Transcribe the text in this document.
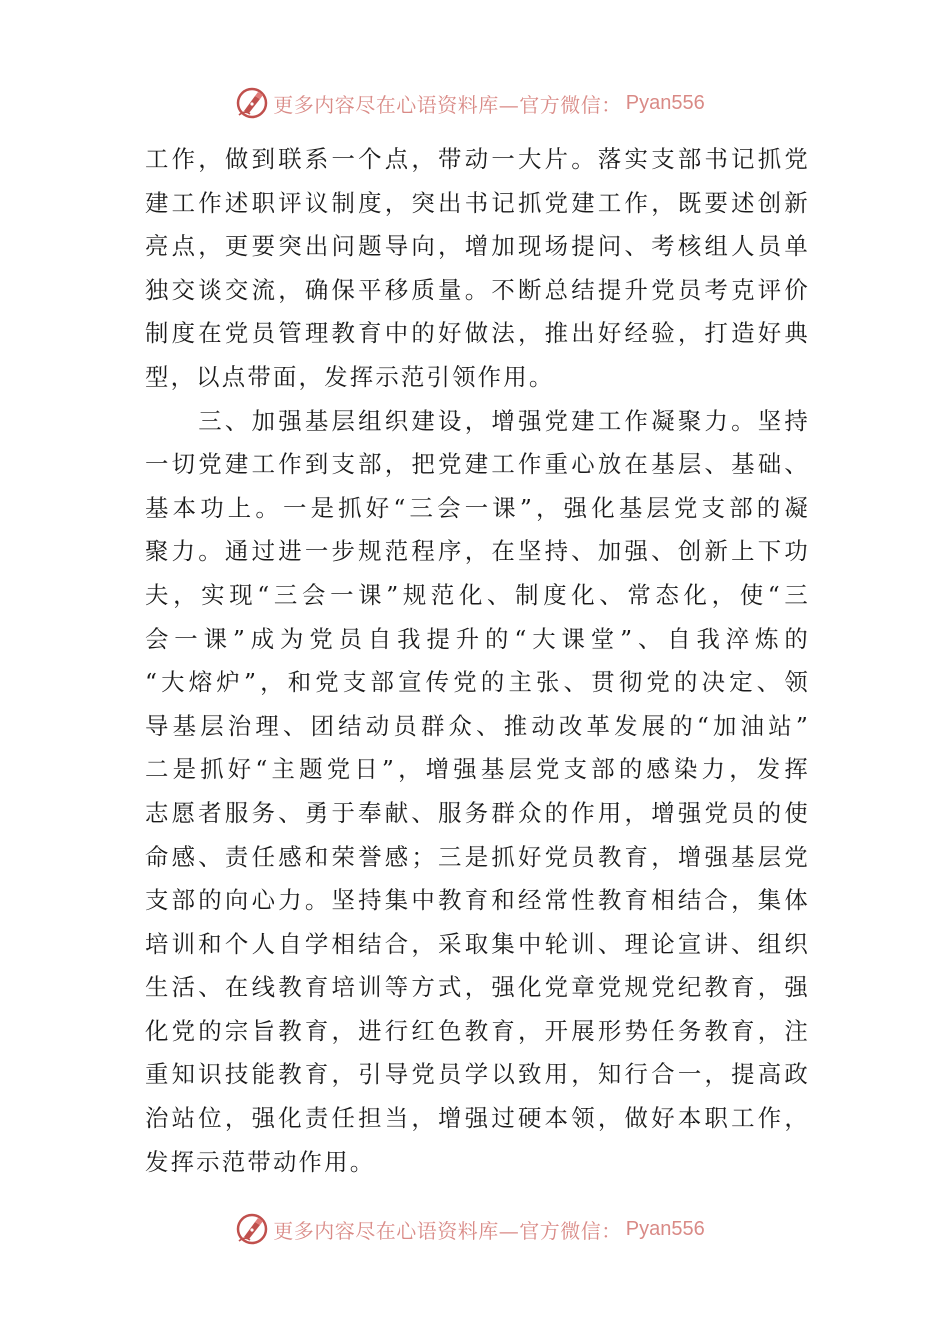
更多内容尽在心语资料库—官方微信： Pyan556
工作，做到联系一个点，带动一大片。落实支部书记抓党
建工作述职评议制度，突出书记抓党建工作，既要述创新
亮点，更要突出问题导向，增加现场提问、考核组人员单
独交谈交流，确保平移质量。不断总结提升党员考克评价
制度在党员管理教育中的好做法，推出好经验，打造好典
型，以点带面，发挥示范引领作用。
　　三、加强基层组织建设，增强党建工作凝聚力。坚持
一切党建工作到支部，把党建工作重心放在基层、基础、
基本功上。一是抓好“三会一课”，强化基层党支部的凝
聚力。通过进一步规范程序，在坚持、加强、创新上下功
夫，实现“三会一课”规范化、制度化、常态化，使“三
会一课”成为党员自我提升的“大课堂”、自我淬炼的
“大熔炉”，和党支部宣传党的主张、贯彻党的决定、领
导基层治理、团结动员群众、推动改革发展的“加油站”
二是抓好“主题党日”，增强基层党支部的感染力，发挥
志愿者服务、勇于奉献、服务群众的作用，增强党员的使
命感、责任感和荣誉感；三是抓好党员教育，增强基层党
支部的向心力。坚持集中教育和经常性教育相结合，集体
培训和个人自学相结合，采取集中轮训、理论宣讲、组织
生活、在线教育培训等方式，强化党章党规党纪教育，强
化党的宗旨教育，进行红色教育，开展形势任务教育，注
重知识技能教育，引导党员学以致用，知行合一，提高政
治站位，强化责任担当，增强过硬本领，做好本职工作，
发挥示范带动作用。
更多内容尽在心语资料库—官方微信： Pyan556
